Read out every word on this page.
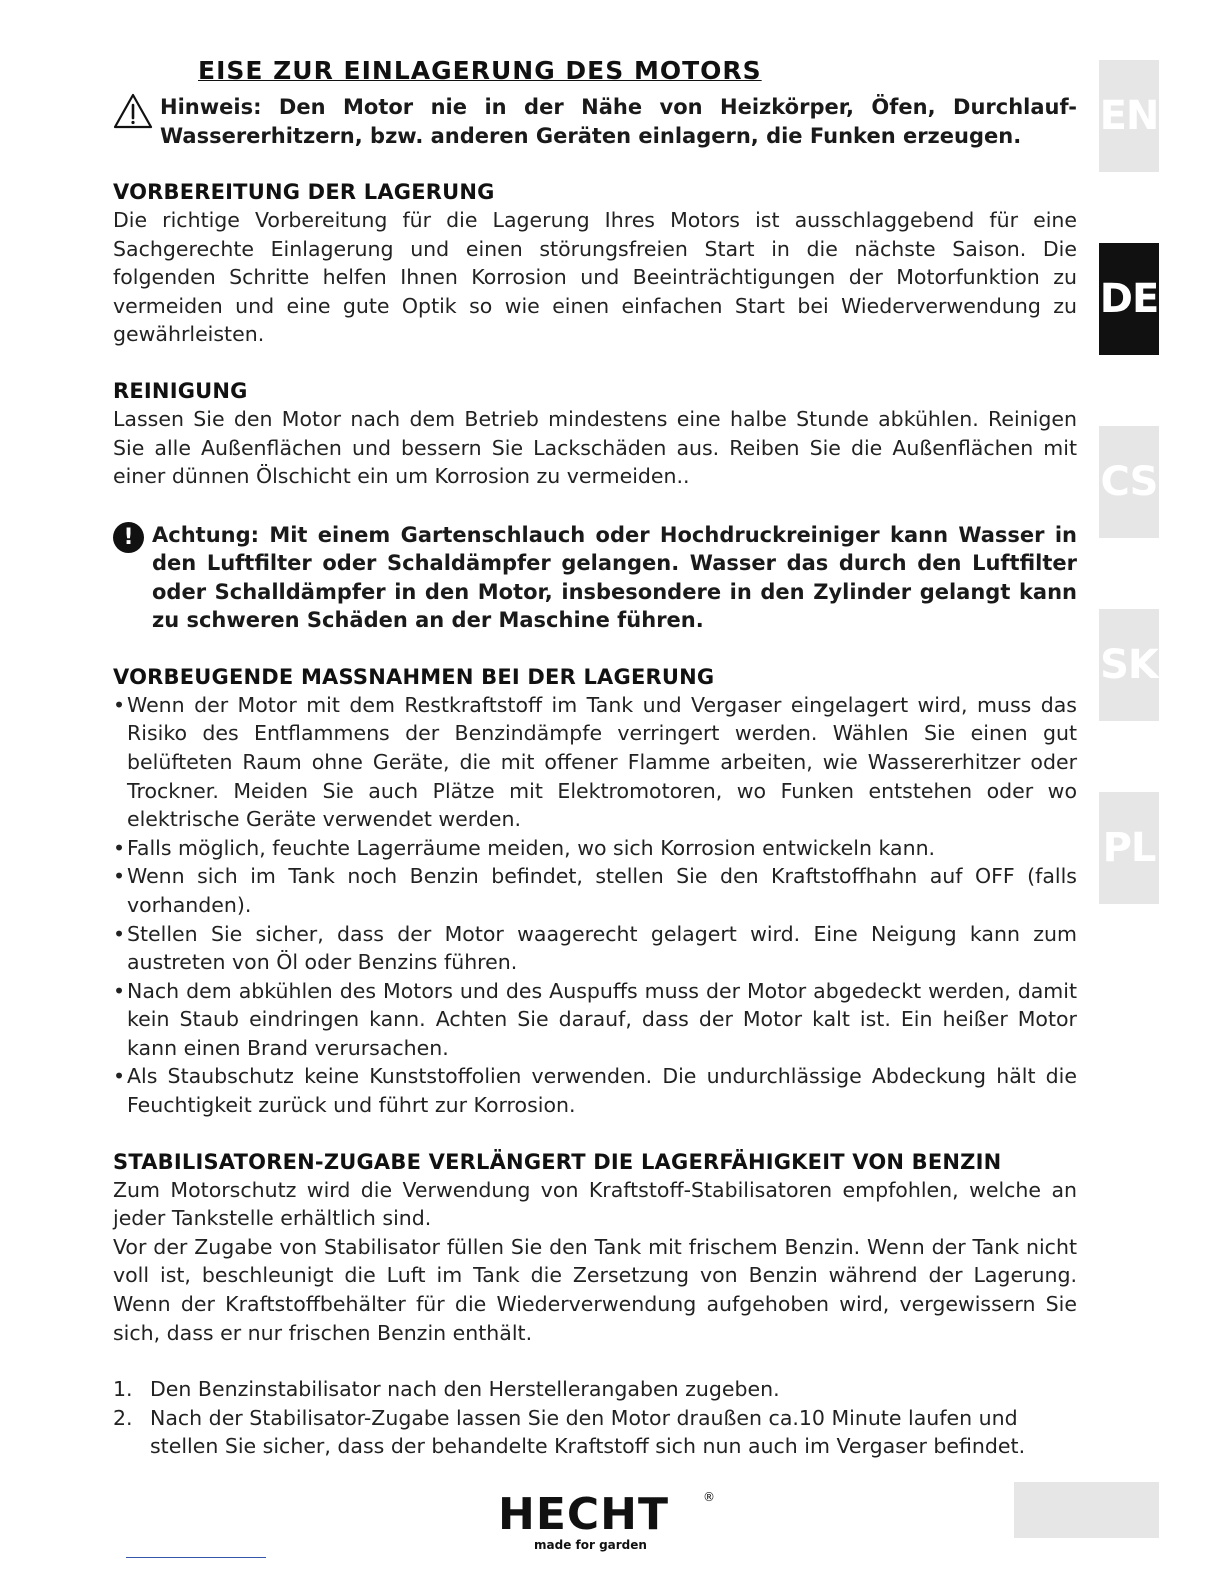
EISE ZUR EINLAGERUNG DES MOTORS
Hinweis: Den Motor nie in der Nähe von Heizkörper, Öfen, Durchlauf-Wassererhitzern, bzw. anderen Geräten einlagern, die Funken erzeugen.
VORBEREITUNG DER LAGERUNG

Die richtige Vorbereitung für die Lagerung Ihres Motors ist ausschlaggebend für eine Sachgerechte Einlagerung und einen störungsfreien Start in die nächste Saison. Die folgenden Schritte helfen Ihnen Korrosion und Beeinträchtigungen der Motorfunktion zu vermeiden und eine gute Optik so wie einen einfachen Start bei Wiederverwendung zu gewährleisten.

REINIGUNG

Lassen Sie den Motor nach dem Betrieb mindestens eine halbe Stunde abkühlen. Reinigen Sie alle Außenflächen und bessern Sie Lackschäden aus. Reiben Sie die Außenflächen mit einer dünnen Ölschicht ein um Korrosion zu vermeiden..

! Achtung: Mit einem Gartenschlauch oder Hochdruckreiniger kann Wasser in den Luftfilter oder Schaldämpfer gelangen. Wasser das durch den Luftfilter oder Schalldämpfer in den Motor, insbesondere in den Zylinder gelangt kann zu schweren Schäden an der Maschine führen.
VORBEUGENDE MASSNAHMEN BEI DER LAGERUNG
• Wenn der Motor mit dem Restkraftstoff im Tank und Vergaser eingelagert wird, muss das Risiko des Entflammens der Benzindämpfe verringert werden. Wählen Sie einen gut belüfteten Raum ohne Geräte, die mit offener Flamme arbeiten, wie Wassererhitzer oder Trockner. Meiden Sie auch Plätze mit Elektromotoren, wo Funken entstehen oder wo elektrische Geräte verwendet werden.
• Falls möglich, feuchte Lagerräume meiden, wo sich Korrosion entwickeln kann.
• Wenn sich im Tank noch Benzin befindet, stellen Sie den Kraftstoffhahn auf OFF (falls vorhanden).
• Stellen Sie sicher, dass der Motor waagerecht gelagert wird. Eine Neigung kann zum austreten von Öl oder Benzins führen.
• Nach dem abkühlen des Motors und des Auspuffs muss der Motor abgedeckt werden, damit kein Staub eindringen kann. Achten Sie darauf, dass der Motor kalt ist. Ein heißer Motor kann einen Brand verursachen.
• Als Staubschutz keine Kunststoffolien verwenden. Die undurchlässige Abdeckung hält die Feuchtigkeit zurück und führt zur Korrosion.
STABILISATOREN-ZUGABE VERLÄNGERT DIE LAGERFÄHIGKEIT VON BENZIN

Zum Motorschutz wird die Verwendung von Kraftstoff-Stabilisatoren empfohlen, welche an jeder Tankstelle erhältlich sind.

Vor der Zugabe von Stabilisator füllen Sie den Tank mit frischem Benzin. Wenn der Tank nicht voll ist, beschleunigt die Luft im Tank die Zersetzung von Benzin während der Lagerung. Wenn der Kraftstoffbehälter für die Wiederverwendung aufgehoben wird, vergewissern Sie sich, dass er nur frischen Benzin enthält.

1. Den Benzinstabilisator nach den Herstellerangaben zugeben.
2. Nach der Stabilisator-Zugabe lassen Sie den Motor draußen ca.10 Minute laufen und stellen Sie sicher, dass der behandelte Kraftstoff sich nun auch im Vergaser befindet.
EN
DE
CS
SK
PL
HECHT	®
made for garden
